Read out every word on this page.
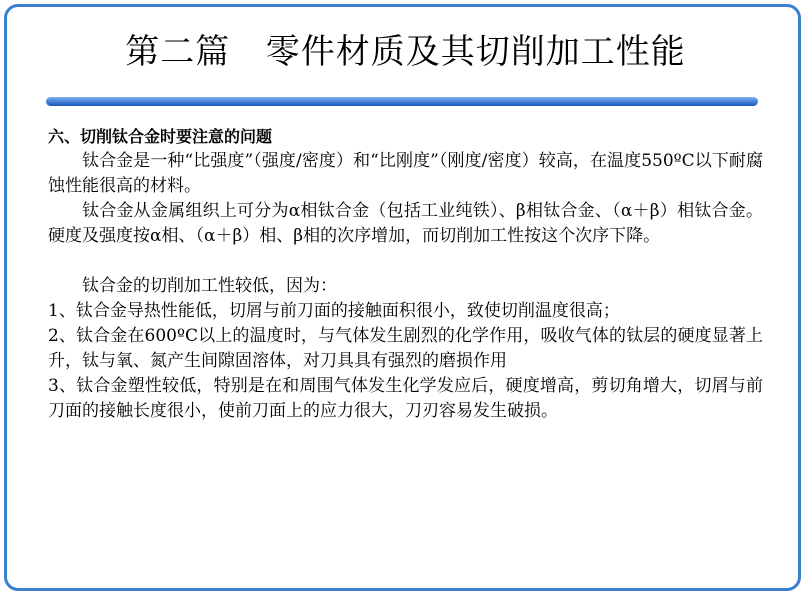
第二篇   零件材质及其切削加工性能

六、切削钛合金时要注意的问题

钛合金是一种“比强度”（强度/密度）和“比刚度”（刚度/密度）较高，在温度550ºC以下耐腐蚀性能很高的材料。

钛合金从金属组织上可分为α相钛合金（包括工业纯铁）、β相钛合金、（α＋β）相钛合金。硬度及强度按α相、（α＋β）相、β相的次序增加，而切削加工性按这个次序下降。

钛合金的切削加工性较低，因为：

1、钛合金导热性能低，切屑与前刀面的接触面积很小，致使切削温度很高；

2、钛合金在600ºC以上的温度时，与气体发生剧烈的化学作用，吸收气体的钛层的硬度显著上升，钛与氧、氮产生间隙固溶体，对刀具具有强烈的磨损作用

3、钛合金塑性较低，特别是在和周围气体发生化学发应后，硬度增高，剪切角增大，切屑与前刀面的接触长度很小，使前刀面上的应力很大，刀刃容易发生破损。
